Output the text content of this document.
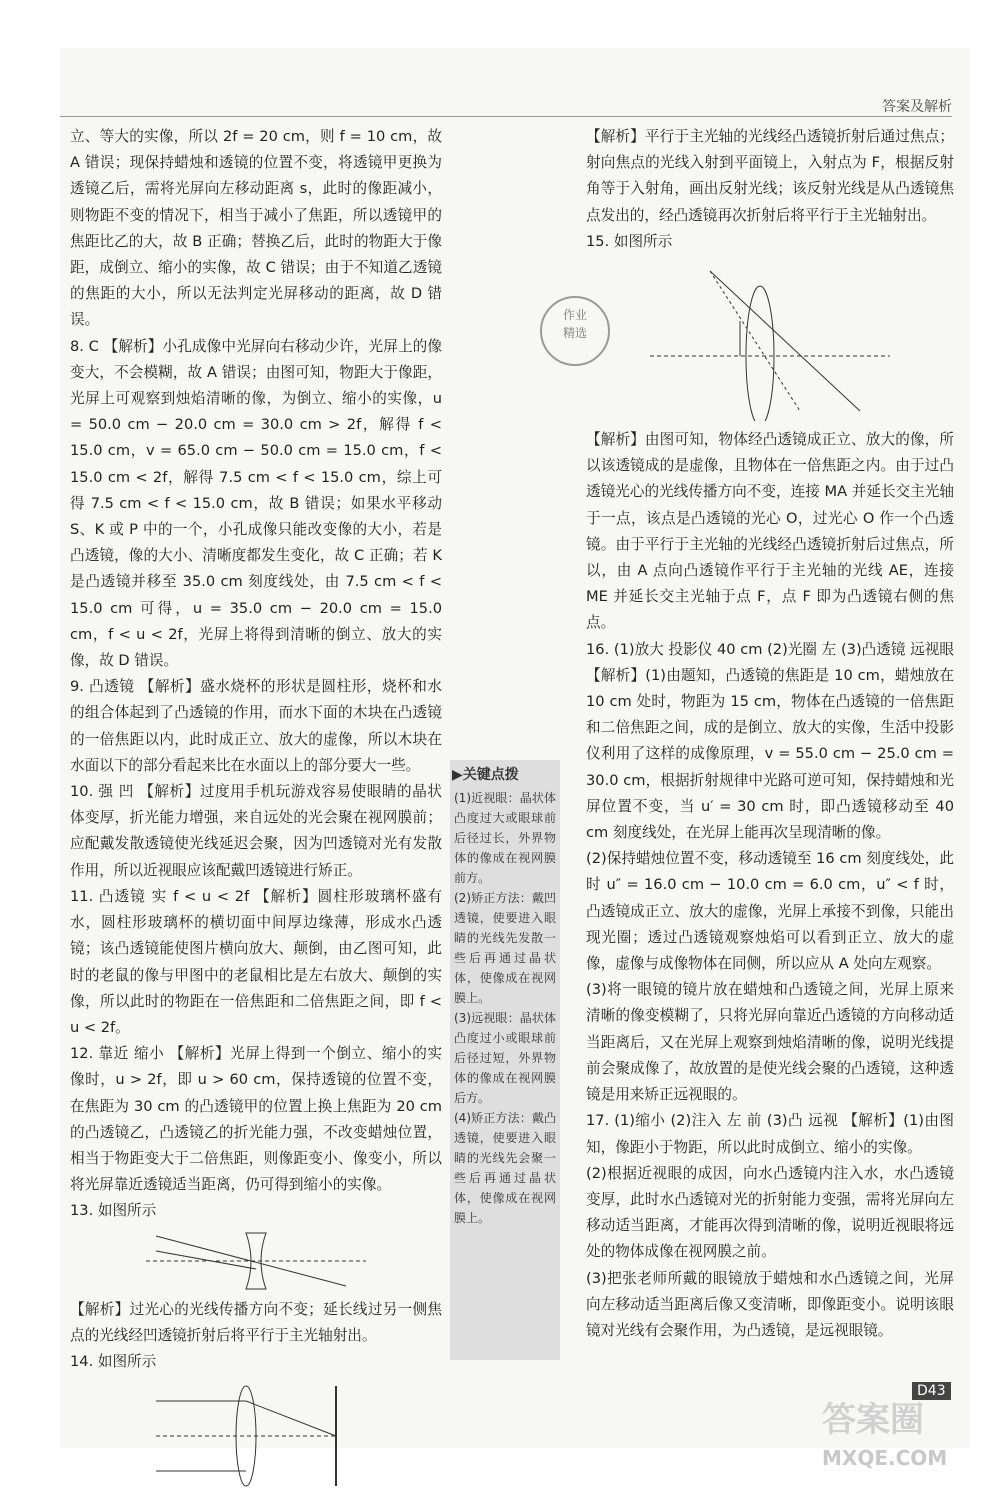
答案及解析

立、等大的实像，所以 2f = 20 cm，则 f = 10 cm，故 A 错误；现保持蜡烛和透镜的位置不变，将透镜甲更换为透镜乙后，需将光屏向左移动距离 s，此时的像距减小，则物距不变的情况下，相当于减小了焦距，所以透镜甲的焦距比乙的大，故 B 正确；替换乙后，此时的物距大于像距，成倒立、缩小的实像，故 C 错误；由于不知道乙透镜的焦距的大小，所以无法判定光屏移动的距离，故 D 错误。

8. C 【解析】小孔成像中光屏向右移动少许，光屏上的像变大，不会模糊，故 A 错误；由图可知，物距大于像距，光屏上可观察到烛焰清晰的像，为倒立、缩小的实像，u = 50.0 cm − 20.0 cm = 30.0 cm > 2f，解得 f < 15.0 cm，v = 65.0 cm − 50.0 cm = 15.0 cm，f < 15.0 cm < 2f，解得 7.5 cm < f < 15.0 cm，综上可得 7.5 cm < f < 15.0 cm，故 B 错误；如果水平移动 S、K 或 P 中的一个，小孔成像只能改变像的大小，若是凸透镜，像的大小、清晰度都发生变化，故 C 正确；若 K 是凸透镜并移至 35.0 cm 刻度线处，由 7.5 cm < f < 15.0 cm 可得，u = 35.0 cm − 20.0 cm = 15.0 cm，f < u < 2f，光屏上将得到清晰的倒立、放大的实像，故 D 错误。

9. 凸透镜 【解析】盛水烧杯的形状是圆柱形，烧杯和水的组合体起到了凸透镜的作用，而水下面的木块在凸透镜的一倍焦距以内，此时成正立、放大的虚像，所以木块在水面以下的部分看起来比在水面以上的部分要大一些。

10. 强 凹 【解析】过度用手机玩游戏容易使眼睛的晶状体变厚，折光能力增强，来自远处的光会聚在视网膜前；应配戴发散透镜使光线延迟会聚，因为凹透镜对光有发散作用，所以近视眼应该配戴凹透镜进行矫正。

11. 凸透镜 实 f < u < 2f 【解析】圆柱形玻璃杯盛有水，圆柱形玻璃杯的横切面中间厚边缘薄，形成水凸透镜；该凸透镜能使图片横向放大、颠倒，由乙图可知，此时的老鼠的像与甲图中的老鼠相比是左右放大、颠倒的实像，所以此时的物距在一倍焦距和二倍焦距之间，即 f < u < 2f。

12. 靠近 缩小 【解析】光屏上得到一个倒立、缩小的实像时，u > 2f，即 u > 60 cm，保持透镜的位置不变，在焦距为 30 cm 的凸透镜甲的位置上换上焦距为 20 cm 的凸透镜乙，凸透镜乙的折光能力强，不改变蜡烛位置，相当于物距变大于二倍焦距，则像距变小、像变小，所以将光屏靠近透镜适当距离，仍可得到缩小的实像。

13. 如图所示

【解析】过光心的光线传播方向不变；延长线过另一侧焦点的光线经凹透镜折射后将平行于主光轴射出。

14. 如图所示

▶关键点拨

(1)近视眼：晶状体凸度过大或眼球前后径过长，外界物体的像成在视网膜前方。

(2)矫正方法：戴凹透镜，使要进入眼睛的光线先发散一些后再通过晶状体，使像成在视网膜上。

(3)远视眼：晶状体凸度过小或眼球前后径过短，外界物体的像成在视网膜后方。

(4)矫正方法：戴凸透镜，使要进入眼睛的光线先会聚一些后再通过晶状体，使像成在视网膜上。

作业
精选

【解析】平行于主光轴的光线经凸透镜折射后通过焦点；射向焦点的光线入射到平面镜上，入射点为 F，根据反射角等于入射角，画出反射光线；该反射光线是从凸透镜焦点发出的，经凸透镜再次折射后将平行于主光轴射出。

15. 如图所示

【解析】由图可知，物体经凸透镜成正立、放大的像，所以该透镜成的是虚像，且物体在一倍焦距之内。由于过凸透镜光心的光线传播方向不变，连接 MA 并延长交主光轴于一点，该点是凸透镜的光心 O，过光心 O 作一个凸透镜。由于平行于主光轴的光线经凸透镜折射后过焦点，所以，由 A 点向凸透镜作平行于主光轴的光线 AE，连接 ME 并延长交主光轴于点 F，点 F 即为凸透镜右侧的焦点。

16. (1)放大 投影仪 40 cm (2)光圈 左 (3)凸透镜 远视眼 【解析】(1)由题知，凸透镜的焦距是 10 cm，蜡烛放在 10 cm 处时，物距为 15 cm，物体在凸透镜的一倍焦距和二倍焦距之间，成的是倒立、放大的实像，生活中投影仪利用了这样的成像原理，v = 55.0 cm − 25.0 cm = 30.0 cm，根据折射规律中光路可逆可知，保持蜡烛和光屏位置不变，当 u′ = 30 cm 时，即凸透镜移动至 40 cm 刻度线处，在光屏上能再次呈现清晰的像。

(2)保持蜡烛位置不变，移动透镜至 16 cm 刻度线处，此时 u″ = 16.0 cm − 10.0 cm = 6.0 cm，u″ < f 时，凸透镜成正立、放大的虚像，光屏上承接不到像，只能出现光圈；透过凸透镜观察烛焰可以看到正立、放大的虚像，虚像与成像物体在同侧，所以应从 A 处向左观察。

(3)将一眼镜的镜片放在蜡烛和凸透镜之间，光屏上原来清晰的像变模糊了，只将光屏向靠近凸透镜的方向移动适当距离后，又在光屏上观察到烛焰清晰的像，说明光线提前会聚成像了，故放置的是使光线会聚的凸透镜，这种透镜是用来矫正远视眼的。

17. (1)缩小 (2)注入 左 前 (3)凸 远视 【解析】(1)由图知，像距小于物距，所以此时成倒立、缩小的实像。

(2)根据近视眼的成因，向水凸透镜内注入水，水凸透镜变厚，此时水凸透镜对光的折射能力变强，需将光屏向左移动适当距离，才能再次得到清晰的像，说明近视眼将远处的物体成像在视网膜之前。

(3)把张老师所戴的眼镜放于蜡烛和水凸透镜之间，光屏向左移动适当距离后像又变清晰，即像距变小。说明该眼镜对光线有会聚作用，为凸透镜，是远视眼镜。

D43
答案圈
MXQE.COM
